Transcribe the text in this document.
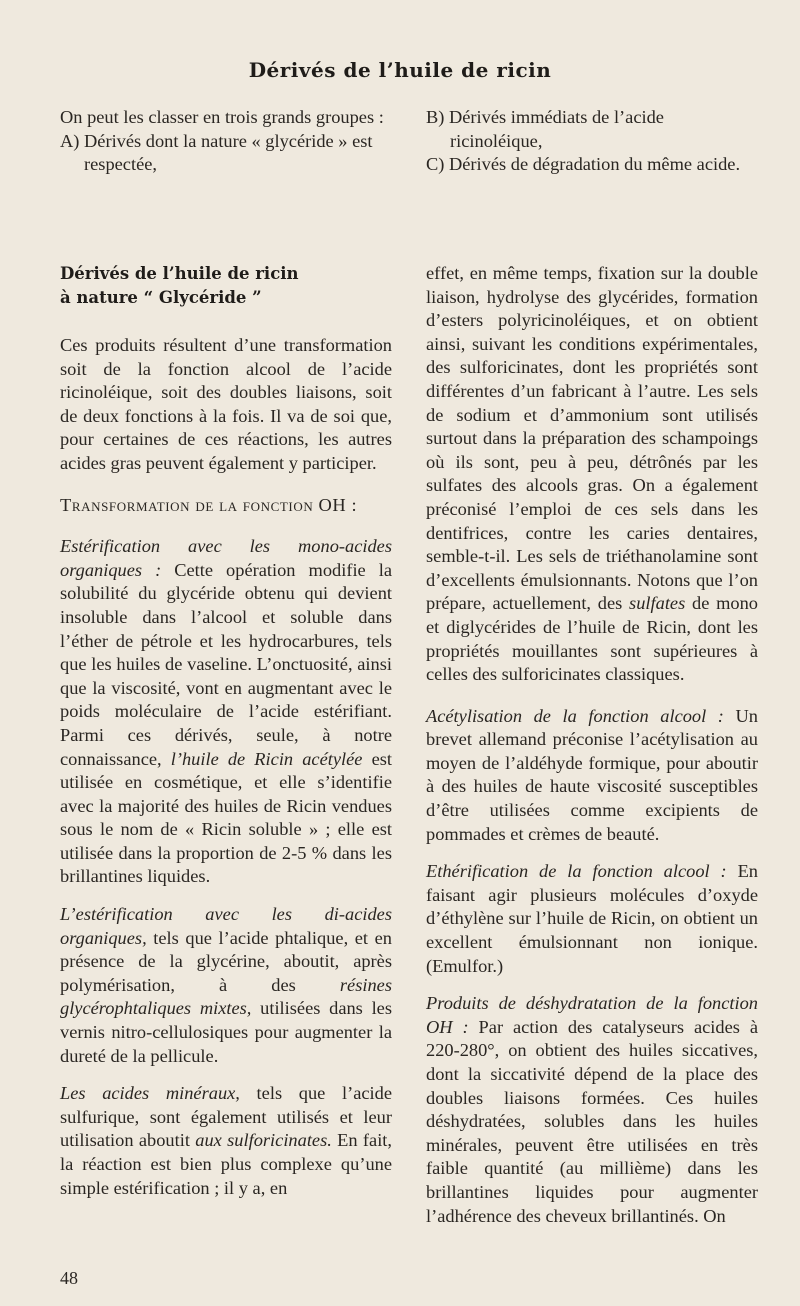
Dérivés de l’huile de ricin

On peut les classer en trois grands groupes :

A) Dérivés dont la nature « glycéride » est respectée,

B) Dérivés immédiats de l’acide ricinoléique,

C) Dérivés de dégradation du même acide.

Dérivés de l’huile de ricin
à nature “ Glycéride ”

Ces produits résultent d’une transformation soit de la fonction alcool de l’acide ricinoléique, soit des doubles liaisons, soit de deux fonctions à la fois. Il va de soi que, pour certaines de ces réactions, les autres acides gras peuvent également y participer.

Transformation de la fonction OH :

Estérification avec les mono-acides organiques : Cette opération modifie la solubilité du glycéride obtenu qui devient insoluble dans l’alcool et soluble dans l’éther de pétrole et les hydrocarbures, tels que les huiles de vaseline. L’onctuosité, ainsi que la viscosité, vont en augmentant avec le poids moléculaire de l’acide estérifiant. Parmi ces dérivés, seule, à notre connaissance, l’huile de Ricin acétylée est utilisée en cosmétique, et elle s’identifie avec la majorité des huiles de Ricin vendues sous le nom de « Ricin soluble » ; elle est utilisée dans la proportion de 2-5 % dans les brillantines liquides.

L’estérification avec les di-acides organiques, tels que l’acide phtalique, et en présence de la glycérine, aboutit, après polymérisation, à des résines glycérophtaliques mixtes, utilisées dans les vernis nitro-cellulosiques pour augmenter la dureté de la pellicule.

Les acides minéraux, tels que l’acide sulfurique, sont également utilisés et leur utilisation aboutit aux sulforicinates. En fait, la réaction est bien plus complexe qu’une simple estérification ; il y a, en

effet, en même temps, fixation sur la double liaison, hydrolyse des glycérides, formation d’esters polyricinoléiques, et on obtient ainsi, suivant les conditions expérimentales, des sulforicinates, dont les propriétés sont différentes d’un fabricant à l’autre. Les sels de sodium et d’ammonium sont utilisés surtout dans la préparation des schampoings où ils sont, peu à peu, détrônés par les sulfates des alcools gras. On a également préconisé l’emploi de ces sels dans les dentifrices, contre les caries dentaires, semble-t-il. Les sels de triéthanolamine sont d’excellents émulsionnants. Notons que l’on prépare, actuellement, des sulfates de mono et diglycérides de l’huile de Ricin, dont les propriétés mouillantes sont supérieures à celles des sulforicinates classiques.

Acétylisation de la fonction alcool : Un brevet allemand préconise l’acétylisation au moyen de l’aldéhyde formique, pour aboutir à des huiles de haute viscosité susceptibles d’être utilisées comme excipients de pommades et crèmes de beauté.

Ethérification de la fonction alcool : En faisant agir plusieurs molécules d’oxyde d’éthylène sur l’huile de Ricin, on obtient un excellent émulsionnant non ionique. (Emulfor.)

Produits de déshydratation de la fonction OH : Par action des catalyseurs acides à 220-280°, on obtient des huiles siccatives, dont la siccativité dépend de la place des doubles liaisons formées. Ces huiles déshydratées, solubles dans les huiles minérales, peuvent être utilisées en très faible quantité (au millième) dans les brillantines liquides pour augmenter l’adhérence des cheveux brillantinés. On

48
